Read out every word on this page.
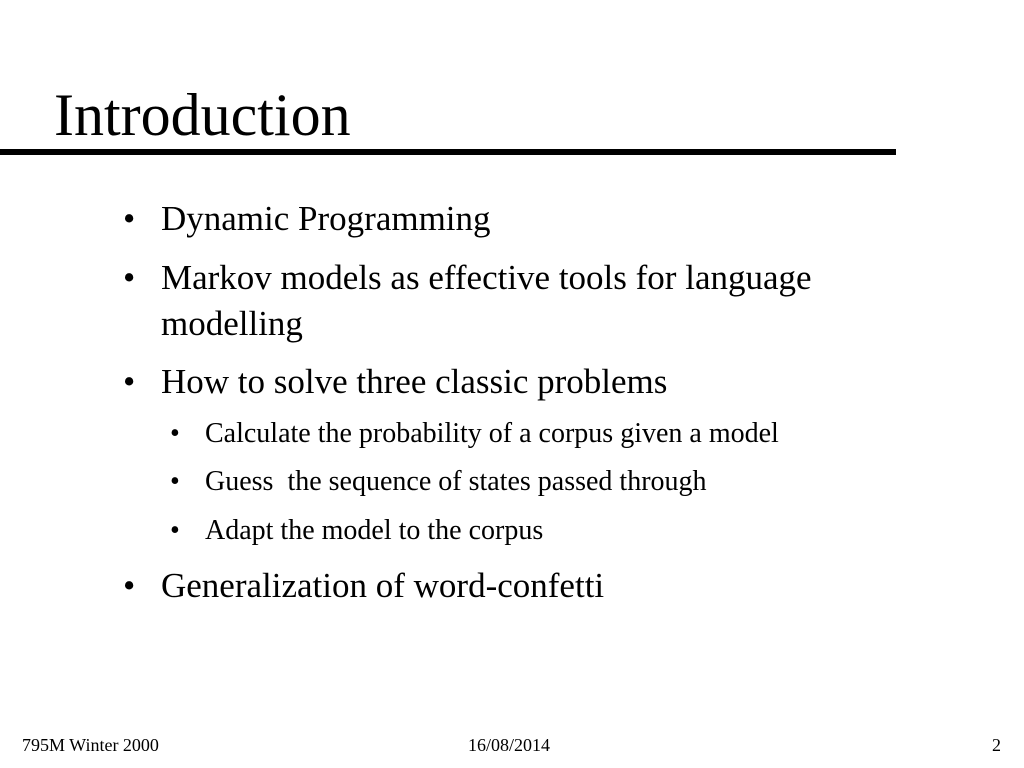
Introduction
• Dynamic Programming
• Markov models as effective tools for language
modelling
• How to solve three classic problems
• Calculate the probability of a corpus given a model
• Guess  the sequence of states passed through
• Adapt the model to the corpus
• Generalization of word-confetti
795M Winter 2000	16/08/2014	2
